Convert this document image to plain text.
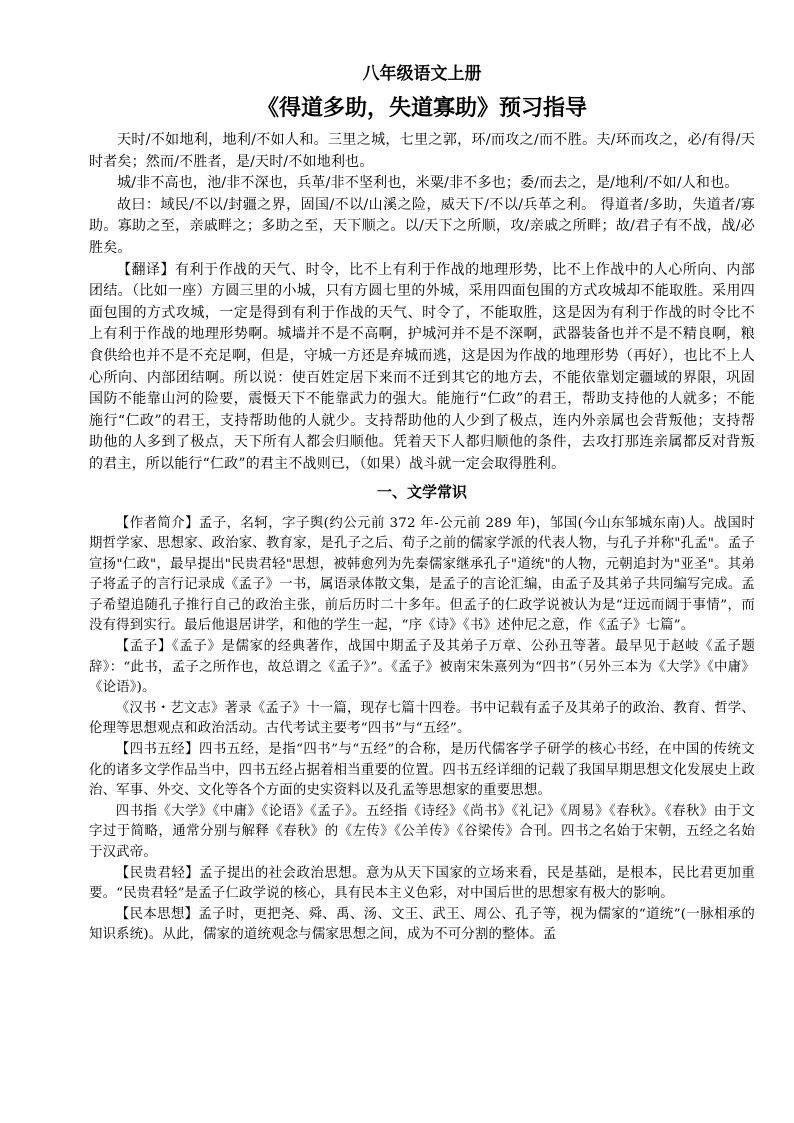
八年级语文上册
《得道多助，失道寡助》预习指导

天时/不如地利，地利/不如人和。三里之城，七里之郭，环/而攻之/而不胜。夫/环而攻之，必/有得/天时者矣；然而/不胜者，是/天时/不如地利也。

城/非不高也，池/非不深也，兵革/非不坚利也，米粟/非不多也；委/而去之，是/地利/不如/人和也。

故曰：域民/不以/封疆之界，固国/不以/山溪之险，威天下/不以/兵革之利。 得道者/多助，失道者/寡助。寡助之至，亲戚畔之；多助之至，天下顺之。以/天下之所顺，攻/亲戚之所畔；故/君子有不战，战/必胜矣。

【翻译】有利于作战的天气、时令，比不上有利于作战的地理形势，比不上作战中的人心所向、内部团结。（比如一座）方圆三里的小城，只有方圆七里的外城，采用四面包围的方式攻城却不能取胜。采用四面包围的方式攻城，一定是得到有利于作战的天气、时令了，不能取胜，这是因为有利于作战的时令比不上有利于作战的地理形势啊。城墙并不是不高啊，护城河并不是不深啊，武器装备也并不是不精良啊，粮食供给也并不是不充足啊，但是，守城一方还是弃城而逃，这是因为作战的地理形势（再好），也比不上人心所向、内部团结啊。所以说：使百姓定居下来而不迁到其它的地方去，不能依靠划定疆域的界限，巩固国防不能靠山河的险要，震慑天下不能靠武力的强大。能施行“仁政”的君王，帮助支持他的人就多；不能施行“仁政”的君王，支持帮助他的人就少。支持帮助他的人少到了极点，连内外亲属也会背叛他；支持帮助他的人多到了极点，天下所有人都会归顺他。凭着天下人都归顺他的条件，去攻打那连亲属都反对背叛的君主，所以能行“仁政”的君主不战则已，（如果）战斗就一定会取得胜利。

一、文学常识

【作者简介】孟子，名轲，字子舆(约公元前 372 年-公元前 289 年)，邹国(今山东邹城东南)人。战国时期哲学家、思想家、政治家、教育家，是孔子之后、荀子之前的儒家学派的代表人物，与孔子并称"孔孟"。孟子宣扬"仁政"，最早提出"民贵君轻"思想，被韩愈列为先秦儒家继承孔子"道统"的人物，元朝追封为"亚圣"。其弟子将孟子的言行记录成《孟子》一书，属语录体散文集，是孟子的言论汇编，由孟子及其弟子共同编写完成。孟子希望追随孔子推行自己的政治主张，前后历时二十多年。但孟子的仁政学说被认为是“迂远而阔于事情”，而没有得到实行。最后他退居讲学，和他的学生一起，“序《诗》《书》述仲尼之意，作《孟子》七篇”。

【孟子】《孟子》是儒家的经典著作，战国中期孟子及其弟子万章、公孙丑等著。最早见于赵岐《孟子题辞》：“此书，孟子之所作也，故总谓之《孟子》”。《孟子》被南宋朱熹列为“四书”（另外三本为《大学》《中庸》《论语》)。

《汉书・艺文志》著录《孟子》十一篇，现存七篇十四卷。书中记载有孟子及其弟子的政治、教育、哲学、伦理等思想观点和政治活动。古代考试主要考“四书”与“五经”。

【四书五经】四书五经，是指“四书”与“五经”的合称，是历代儒客学子研学的核心书经，在中国的传统文化的诸多文学作品当中，四书五经占据着相当重要的位置。四书五经详细的记载了我国早期思想文化发展史上政治、军事、外交、文化等各个方面的史实资料以及孔孟等思想家的重要思想。

四书指《大学》《中庸》《论语》《孟子》。五经指《诗经》《尚书》《礼记》《周易》《春秋》。《春秋》由于文字过于简略，通常分别与解释《春秋》的《左传》《公羊传》《谷梁传》合刊。四书之名始于宋朝，五经之名始于汉武帝。

【民贵君轻】孟子提出的社会政治思想。意为从天下国家的立场来看，民是基础，是根本，民比君更加重要。“民贵君轻”是孟子仁政学说的核心，具有民本主义色彩，对中国后世的思想家有极大的影响。

【民本思想】孟子时，更把尧、舜、禹、汤、文王、武王、周公、孔子等，视为儒家的“道统”(一脉相承的知识系统)。从此，儒家的道统观念与儒家思想之间，成为不可分割的整体。孟
